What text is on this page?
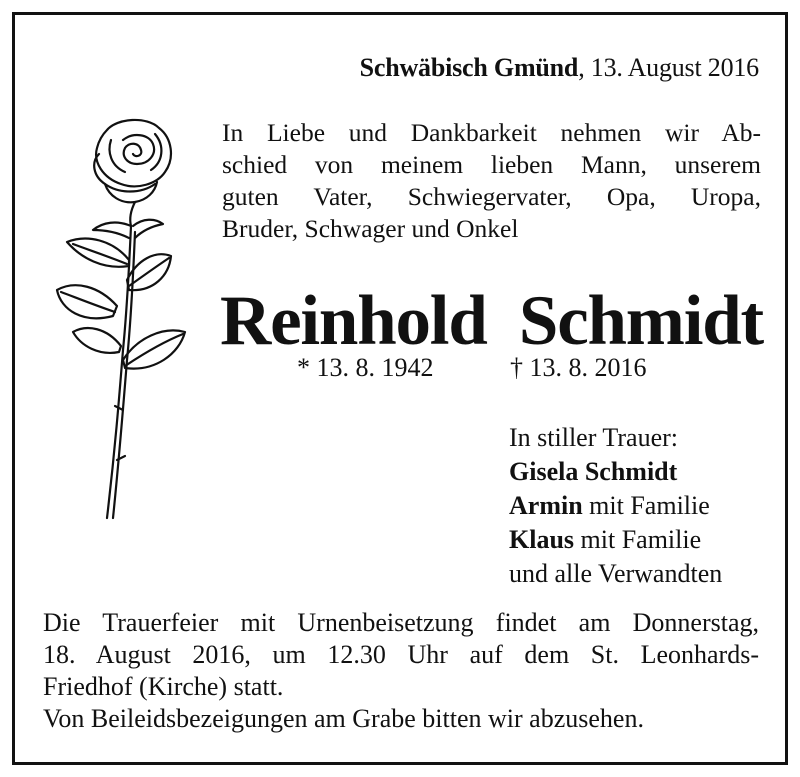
Schwäbisch Gmünd, 13. August 2016
In Liebe und Dankbarkeit nehmen wir Ab-
schied von meinem lieben Mann, unserem
guten Vater, Schwiegervater, Opa, Uropa,
Bruder, Schwager und Onkel
Reinhold Schmidt
* 13. 8. 1942	† 13. 8. 2016
In stiller Trauer:
Gisela Schmidt
Armin mit Familie
Klaus mit Familie
und alle Verwandten
Die Trauerfeier mit Urnenbeisetzung findet am Donnerstag,
18. August 2016, um 12.30 Uhr auf dem St. Leonhards-
Friedhof (Kirche) statt.
Von Beileidsbezeigungen am Grabe bitten wir abzusehen.
